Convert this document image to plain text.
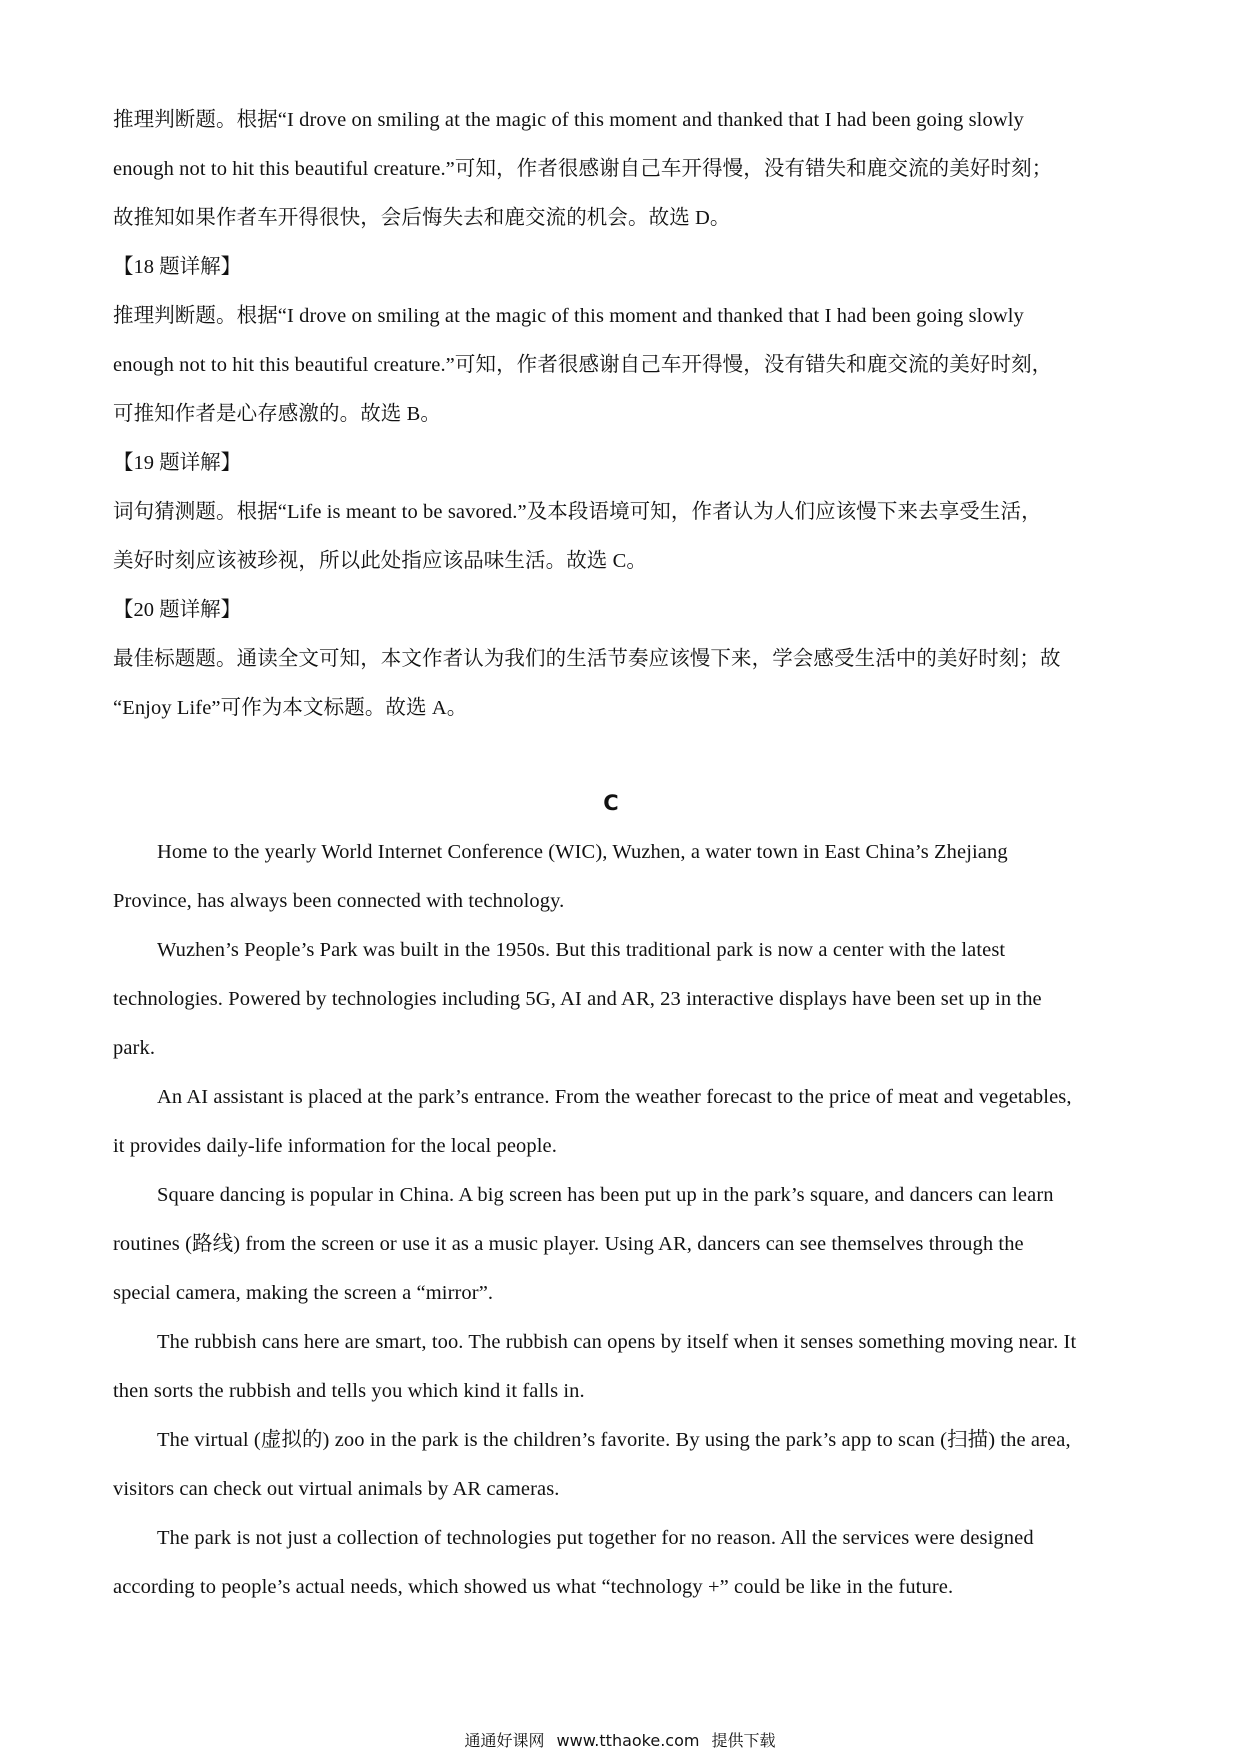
推理判断题。根据“I drove on smiling at the magic of this moment and thanked that I had been going slowly
enough not to hit this beautiful creature.”可知，作者很感谢自己车开得慢，没有错失和鹿交流的美好时刻；
故推知如果作者车开得很快，会后悔失去和鹿交流的机会。故选 D。
【18 题详解】
推理判断题。根据“I drove on smiling at the magic of this moment and thanked that I had been going slowly
enough not to hit this beautiful creature.”可知，作者很感谢自己车开得慢，没有错失和鹿交流的美好时刻，
可推知作者是心存感激的。故选 B。
【19 题详解】
词句猜测题。根据“Life is meant to be savored.”及本段语境可知，作者认为人们应该慢下来去享受生活，
美好时刻应该被珍视，所以此处指应该品味生活。故选 C。
【20 题详解】
最佳标题题。通读全文可知，本文作者认为我们的生活节奏应该慢下来，学会感受生活中的美好时刻；故
“Enjoy Life”可作为本文标题。故选 A。
C
Home to the yearly World Internet Conference (WIC), Wuzhen, a water town in East China’s Zhejiang
Province, has always been connected with technology.
Wuzhen’s People’s Park was built in the 1950s. But this traditional park is now a center with the latest
technologies. Powered by technologies including 5G, AI and AR, 23 interactive displays have been set up in the
park.
An AI assistant is placed at the park’s entrance. From the weather forecast to the price of meat and vegetables,
it provides daily-life information for the local people.
Square dancing is popular in China. A big screen has been put up in the park’s square, and dancers can learn
routines (路线) from the screen or use it as a music player. Using AR, dancers can see themselves through the
special camera, making the screen a “mirror”.
The rubbish cans here are smart, too. The rubbish can opens by itself when it senses something moving near. It
then sorts the rubbish and tells you which kind it falls in.
The virtual (虚拟的) zoo in the park is the children’s favorite. By using the park’s app to scan (扫描) the area,
visitors can check out virtual animals by AR cameras.
The park is not just a collection of technologies put together for no reason. All the services were designed
according to people’s actual needs, which showed us what “technology +” could be like in the future.
通通好课网 www.tthaoke.com 提供下载
